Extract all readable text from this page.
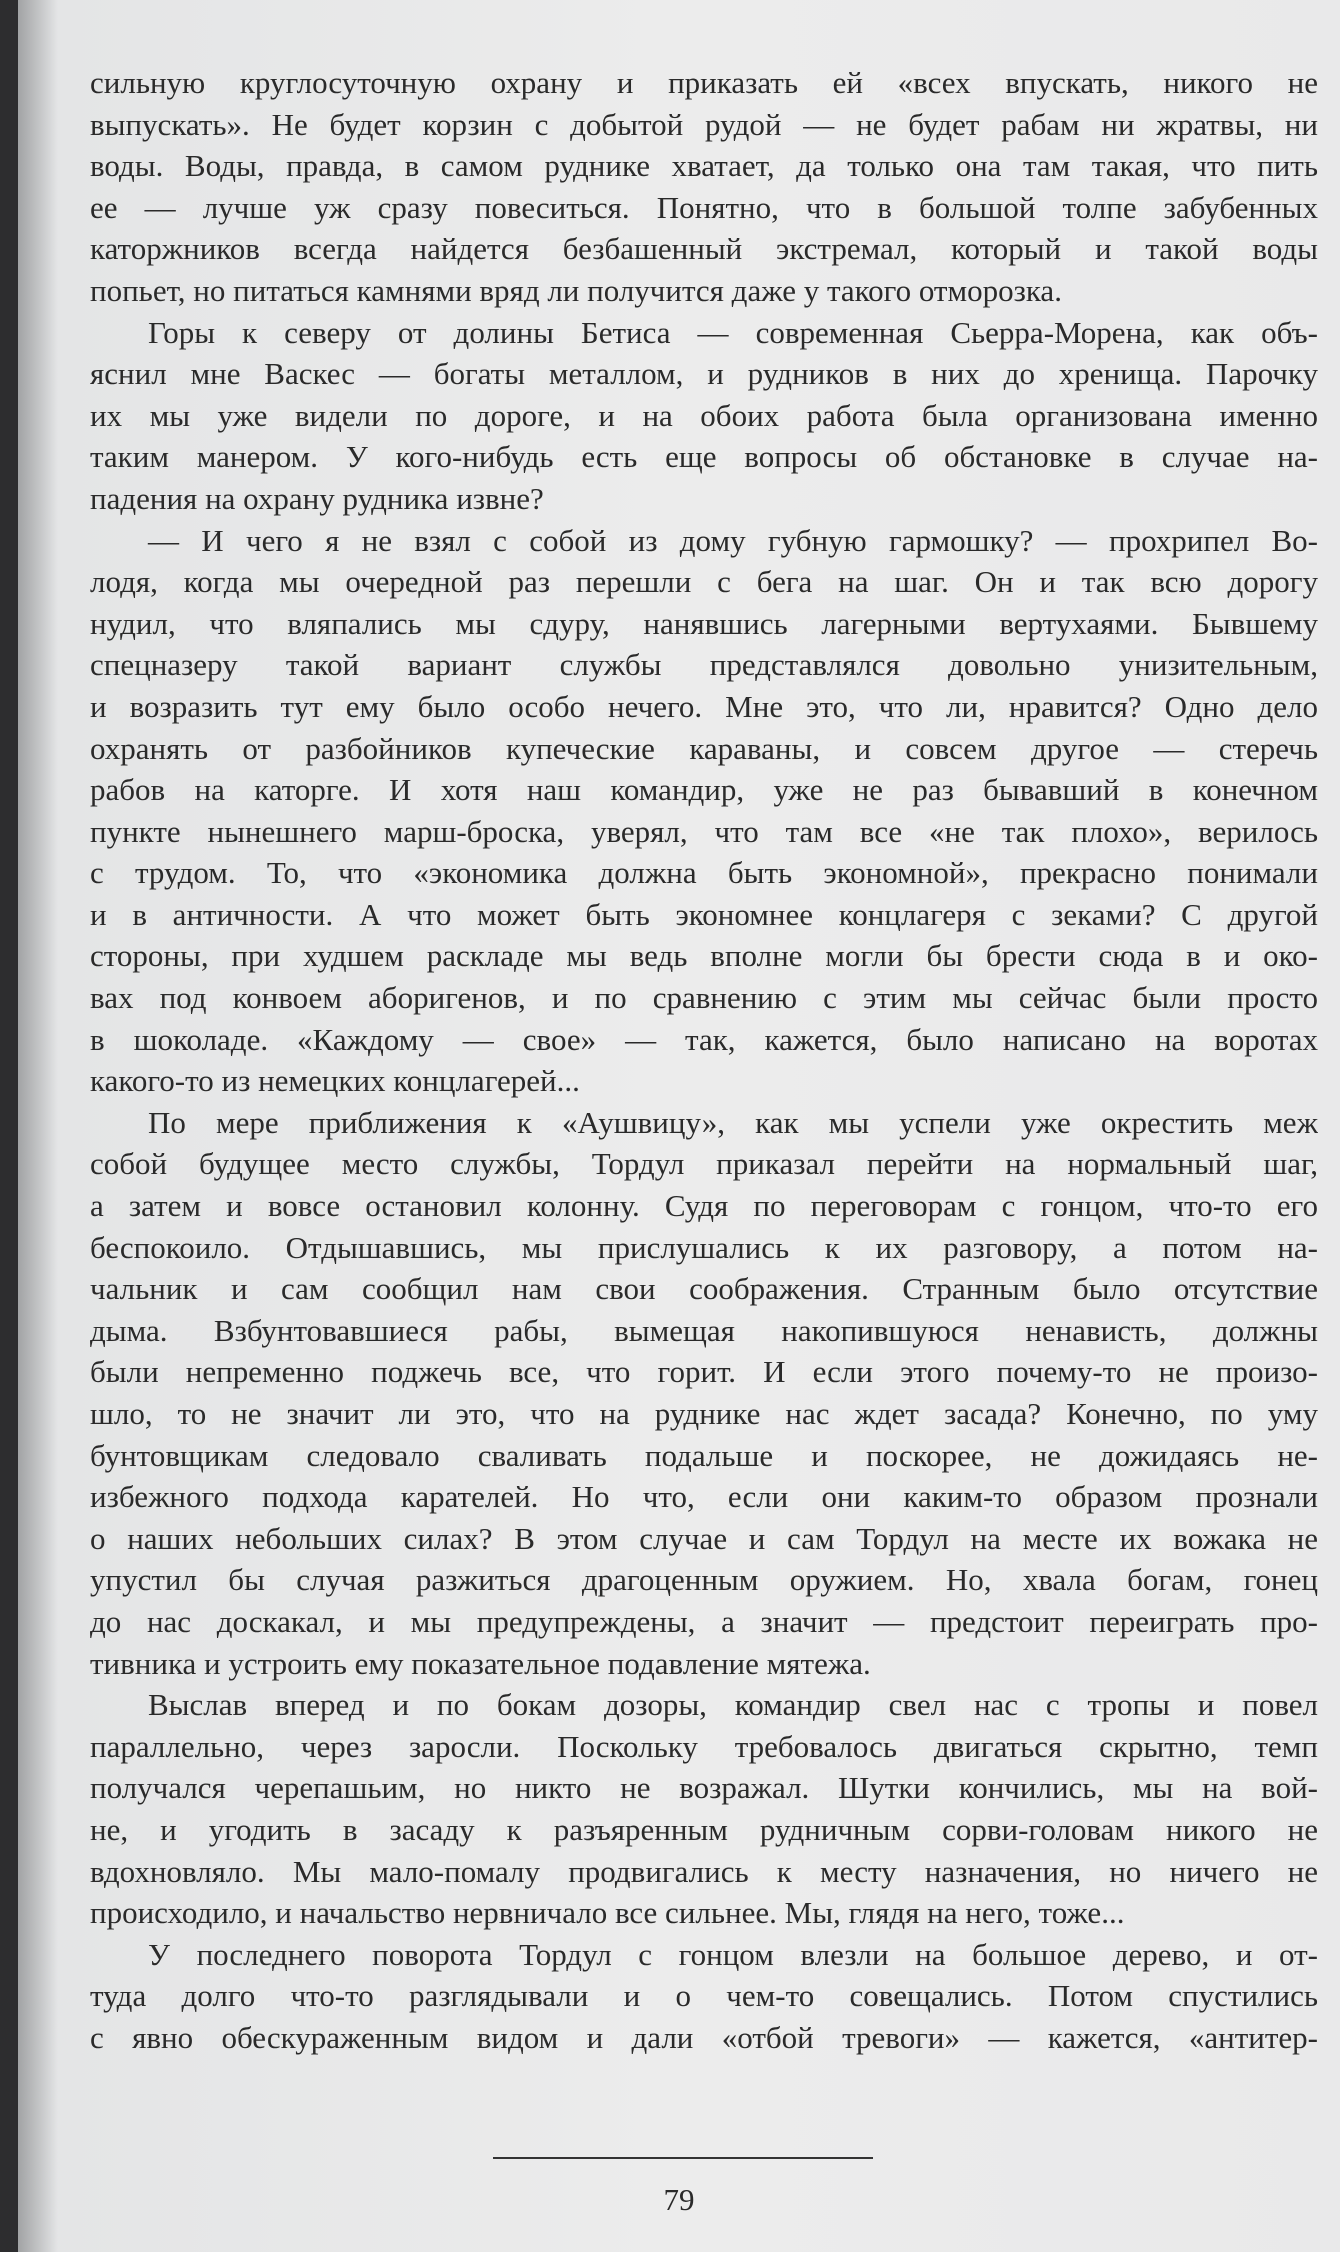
сильную круглосуточную охрану и приказать ей «всех впускать, никого не
выпускать». Не будет корзин с добытой рудой — не будет рабам ни жратвы, ни
воды. Воды, правда, в самом руднике хватает, да только она там такая, что пить
ее — лучше уж сразу повеситься. Понятно, что в большой толпе забубенных
каторжников всегда найдется безбашенный экстремал, который и такой воды
попьет, но питаться камнями вряд ли получится даже у такого отморозка.
Горы к северу от долины Бетиса — современная Сьерра-Морена, как объ-
яснил мне Васкес — богаты металлом, и рудников в них до хренища. Парочку
их мы уже видели по дороге, и на обоих работа была организована именно
таким манером. У кого-нибудь есть еще вопросы об обстановке в случае на-
падения на охрану рудника извне?
— И чего я не взял с собой из дому губную гармошку? — прохрипел Во-
лодя, когда мы очередной раз перешли с бега на шаг. Он и так всю дорогу
нудил, что вляпались мы сдуру, нанявшись лагерными вертухаями. Бывшему
спецназеру такой вариант службы представлялся довольно унизительным,
и возразить тут ему было особо нечего. Мне это, что ли, нравится? Одно дело
охранять от разбойников купеческие караваны, и совсем другое — стеречь
рабов на каторге. И хотя наш командир, уже не раз бывавший в конечном
пункте нынешнего марш-броска, уверял, что там все «не так плохо», верилось
с трудом. То, что «экономика должна быть экономной», прекрасно понимали
и в античности. А что может быть экономнее концлагеря с зеками? С другой
стороны, при худшем раскладе мы ведь вполне могли бы брести сюда в и око-
вах под конвоем аборигенов, и по сравнению с этим мы сейчас были просто
в шоколаде. «Каждому — свое» — так, кажется, было написано на воротах
какого-то из немецких концлагерей...
По мере приближения к «Аушвицу», как мы успели уже окрестить меж
собой будущее место службы, Тордул приказал перейти на нормальный шаг,
а затем и вовсе остановил колонну. Судя по переговорам с гонцом, что-то его
беспокоило. Отдышавшись, мы прислушались к их разговору, а потом на-
чальник и сам сообщил нам свои соображения. Странным было отсутствие
дыма. Взбунтовавшиеся рабы, вымещая накопившуюся ненависть, должны
были непременно поджечь все, что горит. И если этого почему-то не произо-
шло, то не значит ли это, что на руднике нас ждет засада? Конечно, по уму
бунтовщикам следовало сваливать подальше и поскорее, не дожидаясь не-
избежного подхода карателей. Но что, если они каким-то образом прознали
о наших небольших силах? В этом случае и сам Тордул на месте их вожака не
упустил бы случая разжиться драгоценным оружием. Но, хвала богам, гонец
до нас доскакал, и мы предупреждены, а значит — предстоит переиграть про-
тивника и устроить ему показательное подавление мятежа.
Выслав вперед и по бокам дозоры, командир свел нас с тропы и повел
параллельно, через заросли. Поскольку требовалось двигаться скрытно, темп
получался черепашьим, но никто не возражал. Шутки кончились, мы на вой-
не, и угодить в засаду к разъяренным рудничным сорви-головам никого не
вдохновляло. Мы мало-помалу продвигались к месту назначения, но ничего не
происходило, и начальство нервничало все сильнее. Мы, глядя на него, тоже...
У последнего поворота Тордул с гонцом влезли на большое дерево, и от-
туда долго что-то разглядывали и о чем-то совещались. Потом спустились
с явно обескураженным видом и дали «отбой тревоги» — кажется, «антитер-
79
